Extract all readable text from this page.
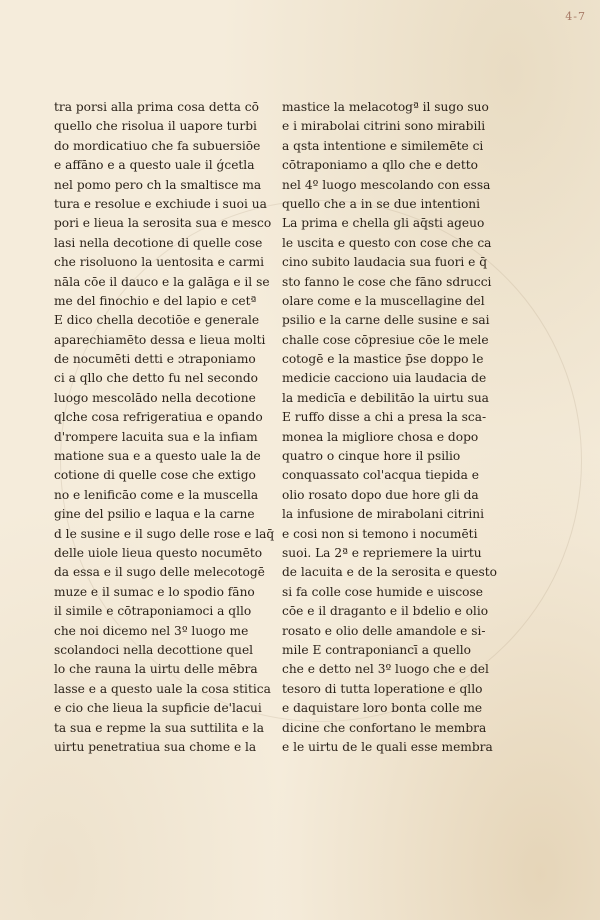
4-7
tra porsi alla prima cosa detta cō
quello che risolua il uapore turbi
do mordicatiuo che fa subuersiōe
e affāno e a questo uale il ǵcetla
nel pomo pero ch la smaltisce ma
tura e resolue e exchiude i suoi ua
pori e lieua la serosita sua e mesco
lasi nella decotione di quelle cose
che risoluono la uentosita e carmi
nāla cōe il dauco e la galāga e il se
me del finochio e del lapio e cetª
E dico chella decotiōe e generale
aparechiamēto dessa e lieua molti
de nocumēti detti e ɔtraponiamo
ci a qllo che detto fu nel secondo
luogo mescolādo nella decotione
qlche cosa refrigeratiua e opando
d'rompere lacuita sua e la infiam
matione sua e a questo uale la de
cotione di quelle cose che extigo
no e lenificāo come e la muscella
gine del psilio e laqua e la carne
d le susine e il sugo delle rose e laq̄
delle uiole lieua questo nocumēto
da essa e il sugo delle melecotogē
muze e il sumac e lo spodio fāno
il simile e cōtraponiamoci a qllo
che noi dicemo nel 3º luogo me
scolandoci nella decottione quel
lo che rauna la uirtu delle mēbra
lasse e a questo uale la cosa stitica
e cio che lieua la supficie de'lacui
ta sua e repme la sua suttilita e la
uirtu penetratiua sua chome e la
mastice la melacotogª il sugo suo
e i mirabolai citrini sono mirabili
a qsta intentione e similemēte ci
cōtraponiamo a qllo che e detto
nel 4º luogo mescolando con essa
quello che a in se due intentioni
La prima e chella gli aq̄sti ageuo
le uscita e questo con cose che ca
cino subito laudacia sua fuori e q̄
sto fanno le cose che fāno sdrucci
olare come e la muscellagine del
psilio e la carne delle susine e sai
challe cose cōpresiue cōe le mele
cotogē e la mastice p̄se doppo le
medicie cacciono uia laudacia de
la medicīa e debilitāo la uirtu sua
E ruffo disse a chi a presa la sca-
monea la migliore chosa e dopo
quatro o cinque hore il psilio
conquassato col'acqua tiepida e
olio rosato dopo due hore gli da
la infusione de mirabolani citrini
e cosi non si temono i nocumēti
suoi. La 2ª e repriemere la uirtu
de lacuita e de la serosita e questo
si fa colle cose humide e uiscose
cōe e il draganto e il bdelio e olio
rosato e olio delle amandole e si-
mile E contraponiancī a quello
che e detto nel 3º luogo che e del
tesoro di tutta loperatione e qllo
e daquistare loro bonta colle me
dicine che confortano le membra
e le uirtu de le quali esse membra
